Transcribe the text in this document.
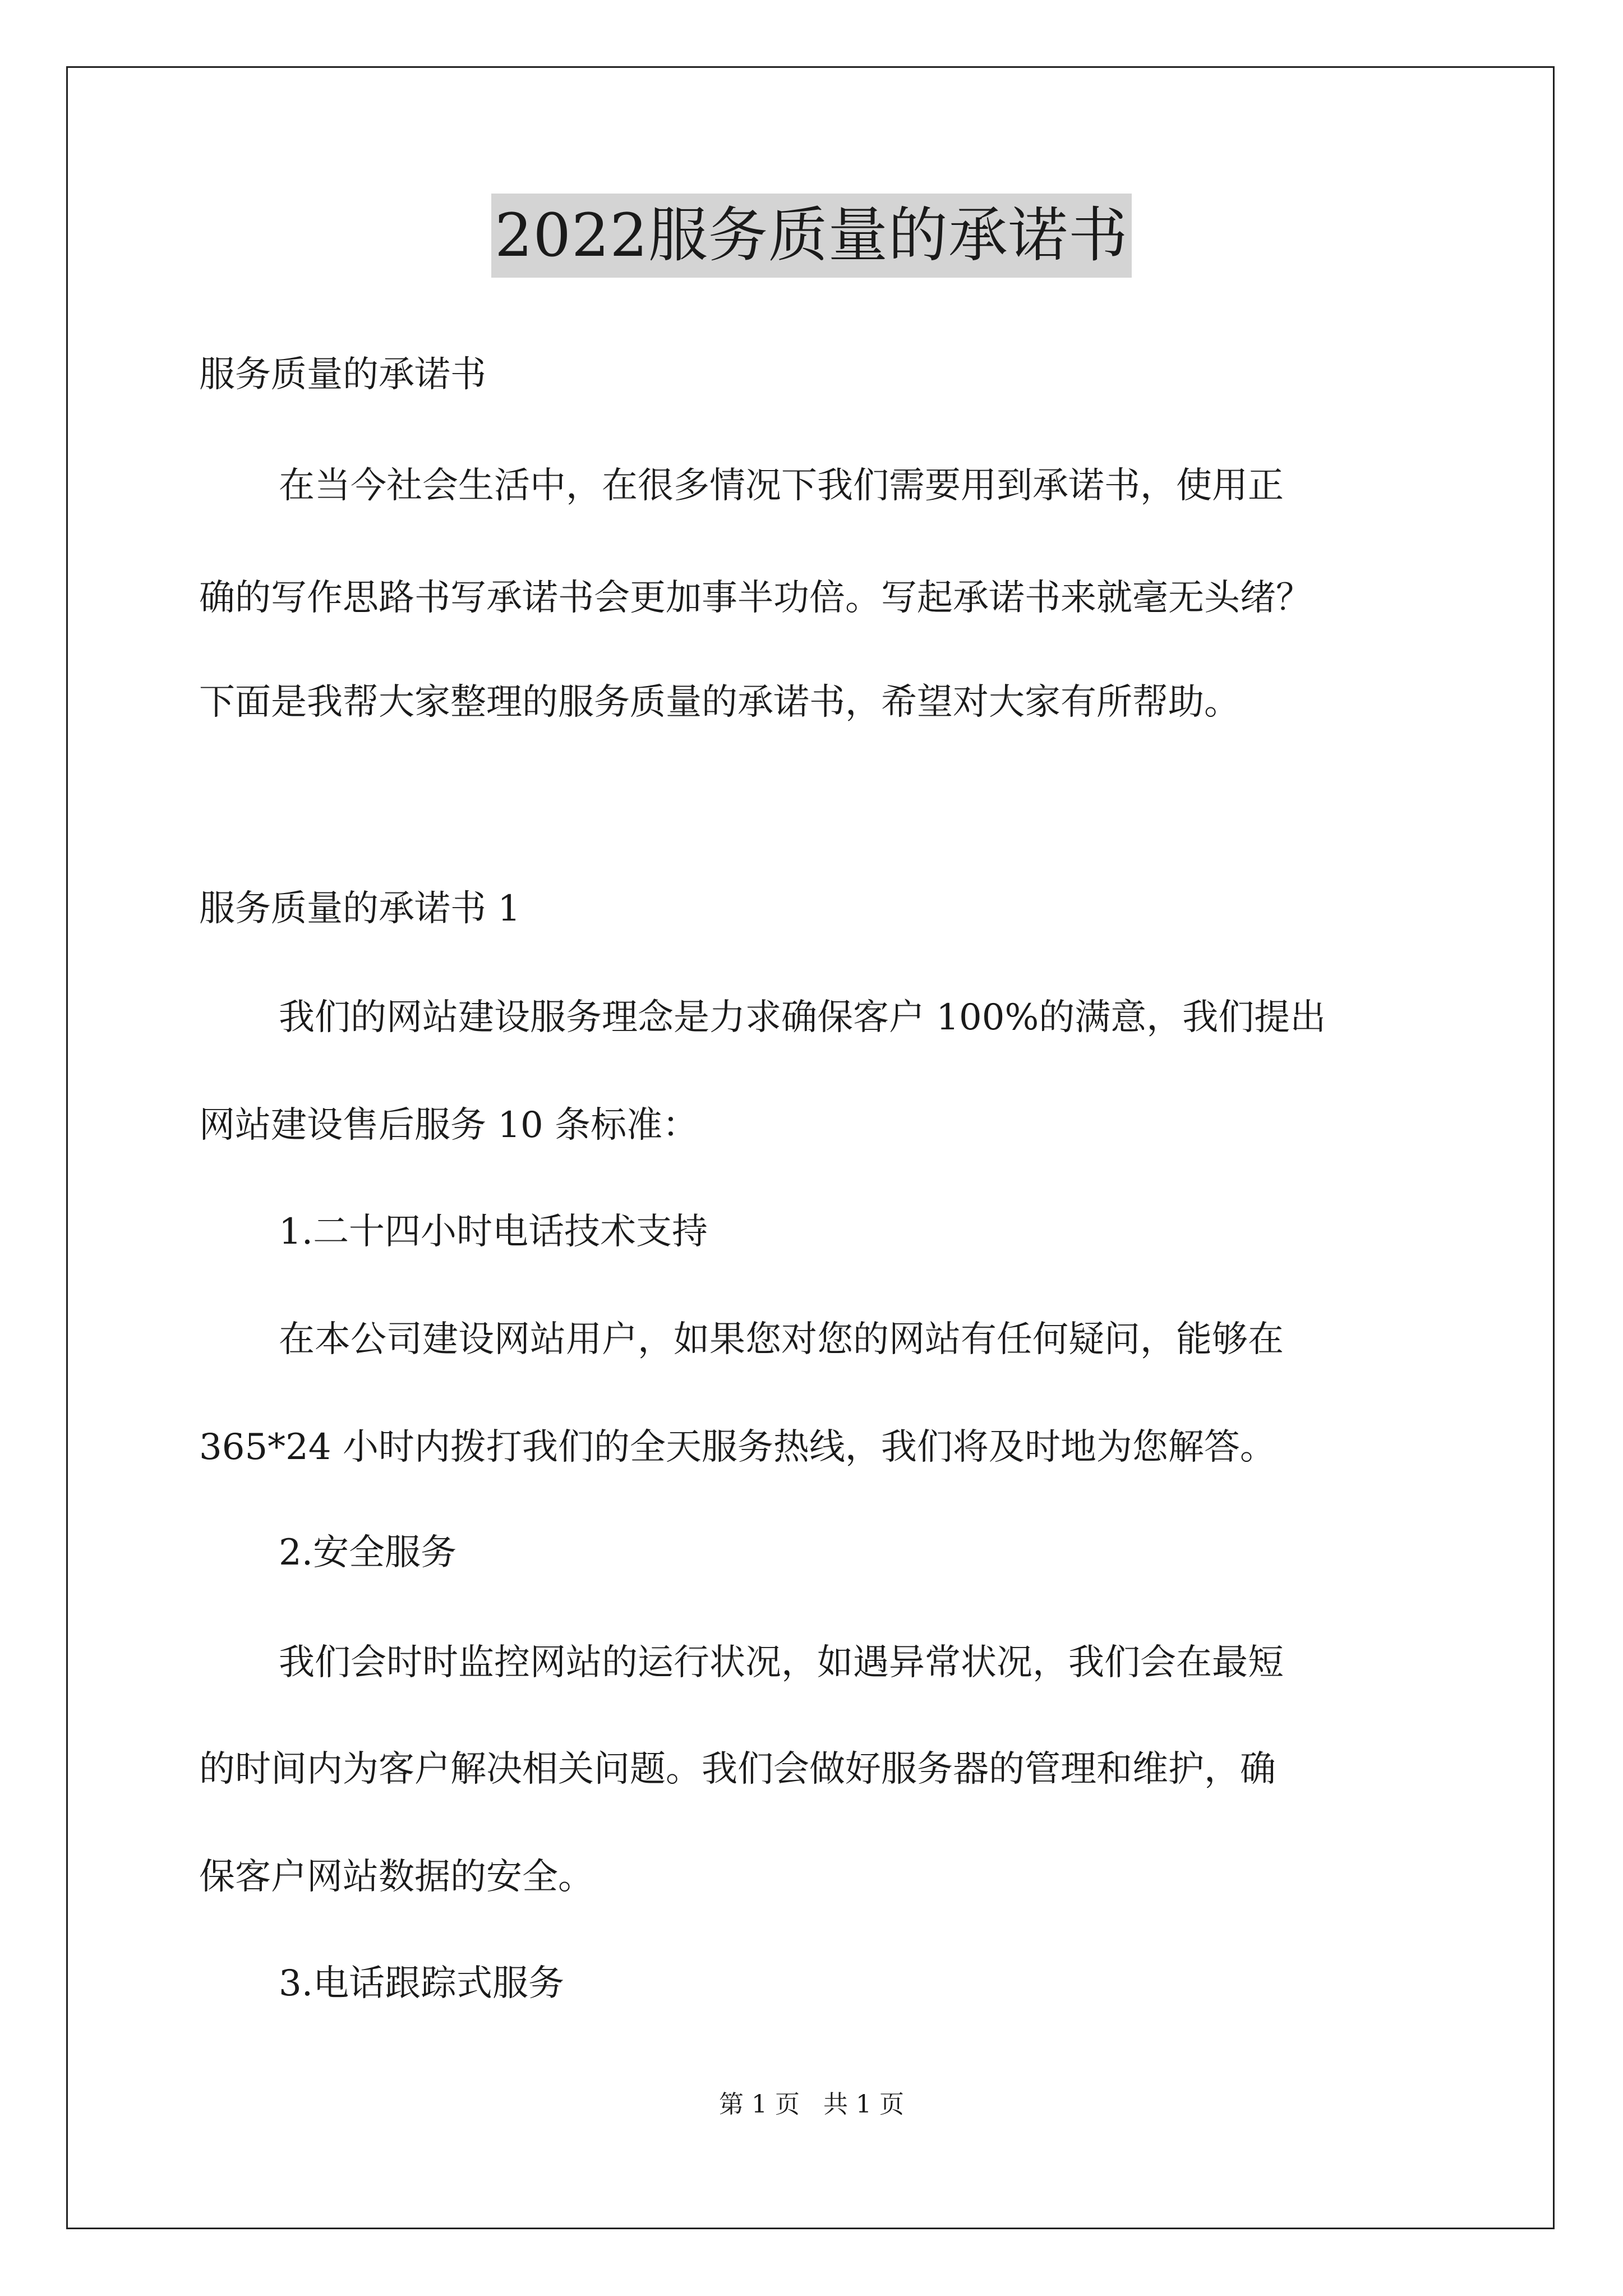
2022服务质量的承诺书
服务质量的承诺书
在当今社会生活中，在很多情况下我们需要用到承诺书，使用正
确的写作思路书写承诺书会更加事半功倍。写起承诺书来就毫无头绪？
下面是我帮大家整理的服务质量的承诺书，希望对大家有所帮助。
服务质量的承诺书 1
我们的网站建设服务理念是力求确保客户 100%的满意，我们提出
网站建设售后服务 10 条标准：
1.二十四小时电话技术支持
在本公司建设网站用户，如果您对您的网站有任何疑问，能够在
365*24 小时内拨打我们的全天服务热线，我们将及时地为您解答。
2.安全服务
我们会时时监控网站的运行状况，如遇异常状况，我们会在最短
的时间内为客户解决相关问题。我们会做好服务器的管理和维护，确
保客户网站数据的安全。
3.电话跟踪式服务
第 1 页 共 1 页
